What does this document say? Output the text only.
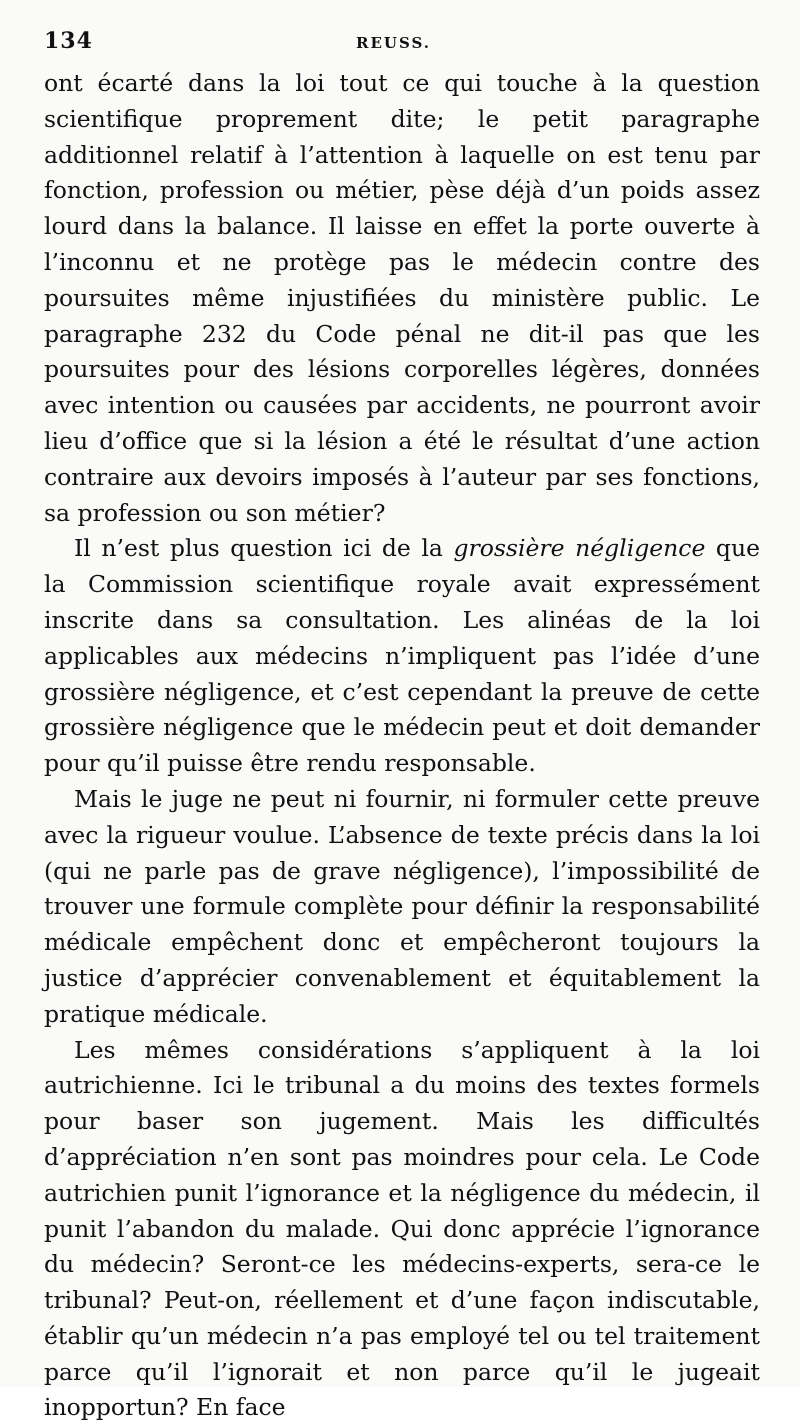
134	REUSS.

ont écarté dans la loi tout ce qui touche à la question scientifique proprement dite; le petit paragraphe additionnel relatif à l’attention à laquelle on est tenu par fonction, profession ou métier, pèse déjà d’un poids assez lourd dans la balance. Il laisse en effet la porte ouverte à l’inconnu et ne protège pas le médecin contre des poursuites même injustifiées du ministère public. Le paragraphe 232 du Code pénal ne dit-il pas que les poursuites pour des lésions corporelles légères, données avec intention ou causées par accidents, ne pourront avoir lieu d’office que si la lésion a été le résultat d’une action contraire aux devoirs imposés à l’auteur par ses fonctions, sa profession ou son métier?

Il n’est plus question ici de la grossière négligence que la Commission scientifique royale avait expressément inscrite dans sa consultation. Les alinéas de la loi applicables aux médecins n’impliquent pas l’idée d’une grossière négligence, et c’est cependant la preuve de cette grossière négligence que le médecin peut et doit demander pour qu’il puisse être rendu responsable.

Mais le juge ne peut ni fournir, ni formuler cette preuve avec la rigueur voulue. L’absence de texte précis dans la loi (qui ne parle pas de grave négligence), l’impossibilité de trouver une formule complète pour définir la responsabilité médicale empêchent donc et empêcheront toujours la justice d’apprécier convenablement et équitablement la pratique médicale.

Les mêmes considérations s’appliquent à la loi autrichienne. Ici le tribunal a du moins des textes formels pour baser son jugement. Mais les difficultés d’appréciation n’en sont pas moindres pour cela. Le Code autrichien punit l’ignorance et la négligence du médecin, il punit l’abandon du malade. Qui donc apprécie l’ignorance du médecin? Seront-ce les médecins-experts, sera-ce le tribunal? Peut-on, réellement et d’une façon indiscutable, établir qu’un médecin n’a pas employé tel ou tel traitement parce qu’il l’ignorait et non parce qu’il le jugeait inopportun? En face
